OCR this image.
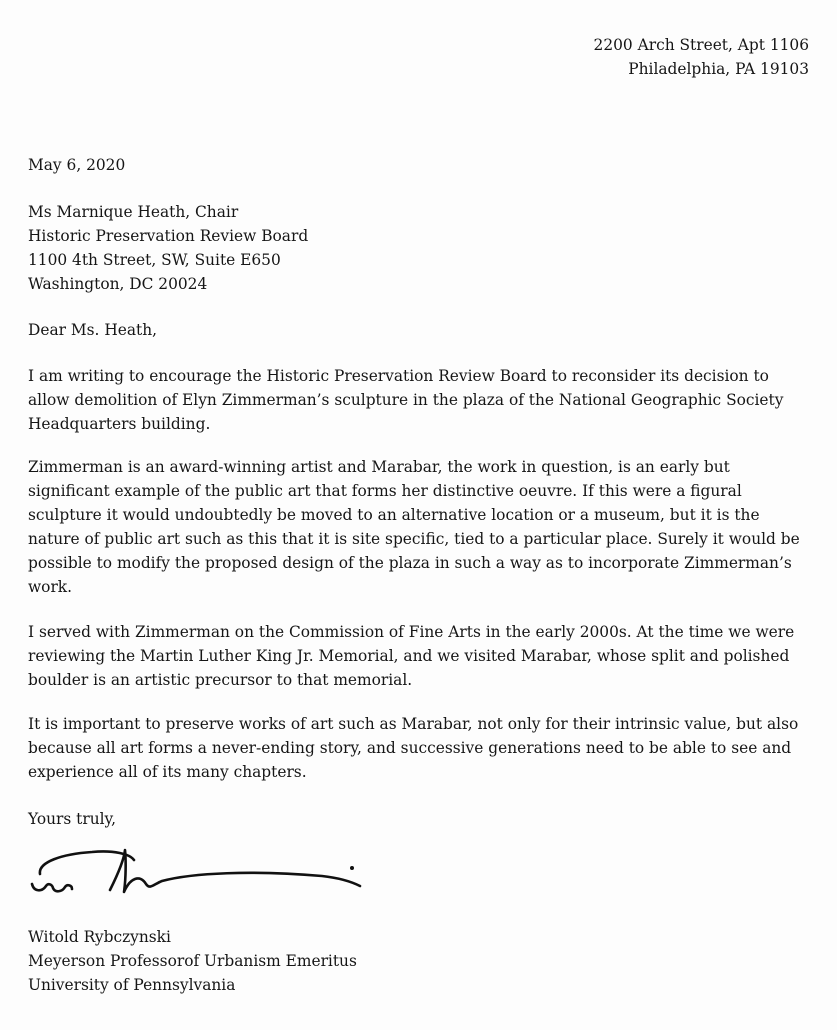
2200 Arch Street, Apt 1106
Philadelphia, PA 19103
May 6, 2020
Ms Marnique Heath, Chair
Historic Preservation Review Board
1100 4th Street, SW, Suite E650
Washington, DC 20024
Dear Ms. Heath,

I am writing to encourage the Historic Preservation Review Board to reconsider its decision to allow demolition of Elyn Zimmerman’s sculpture in the plaza of the National Geographic Society Headquarters building.

Zimmerman is an award-winning artist and Marabar, the work in question, is an early but significant example of the public art that forms her distinctive oeuvre. If this were a figural sculpture it would undoubtedly be moved to an alternative location or a museum, but it is the nature of public art such as this that it is site specific, tied to a particular place. Surely it would be possible to modify the proposed design of the plaza in such a way as to incorporate Zimmerman’s work.

I served with Zimmerman on the Commission of Fine Arts in the early 2000s. At the time we were reviewing the Martin Luther King Jr. Memorial, and we visited Marabar, whose split and polished boulder is an artistic precursor to that memorial.

It is important to preserve works of art such as Marabar, not only for their intrinsic value, but also because all art forms a never-ending story, and successive generations need to be able to see and experience all of its many chapters.

Yours truly,
Witold Rybczynski
Meyerson Professorof Urbanism Emeritus
University of Pennsylvania
